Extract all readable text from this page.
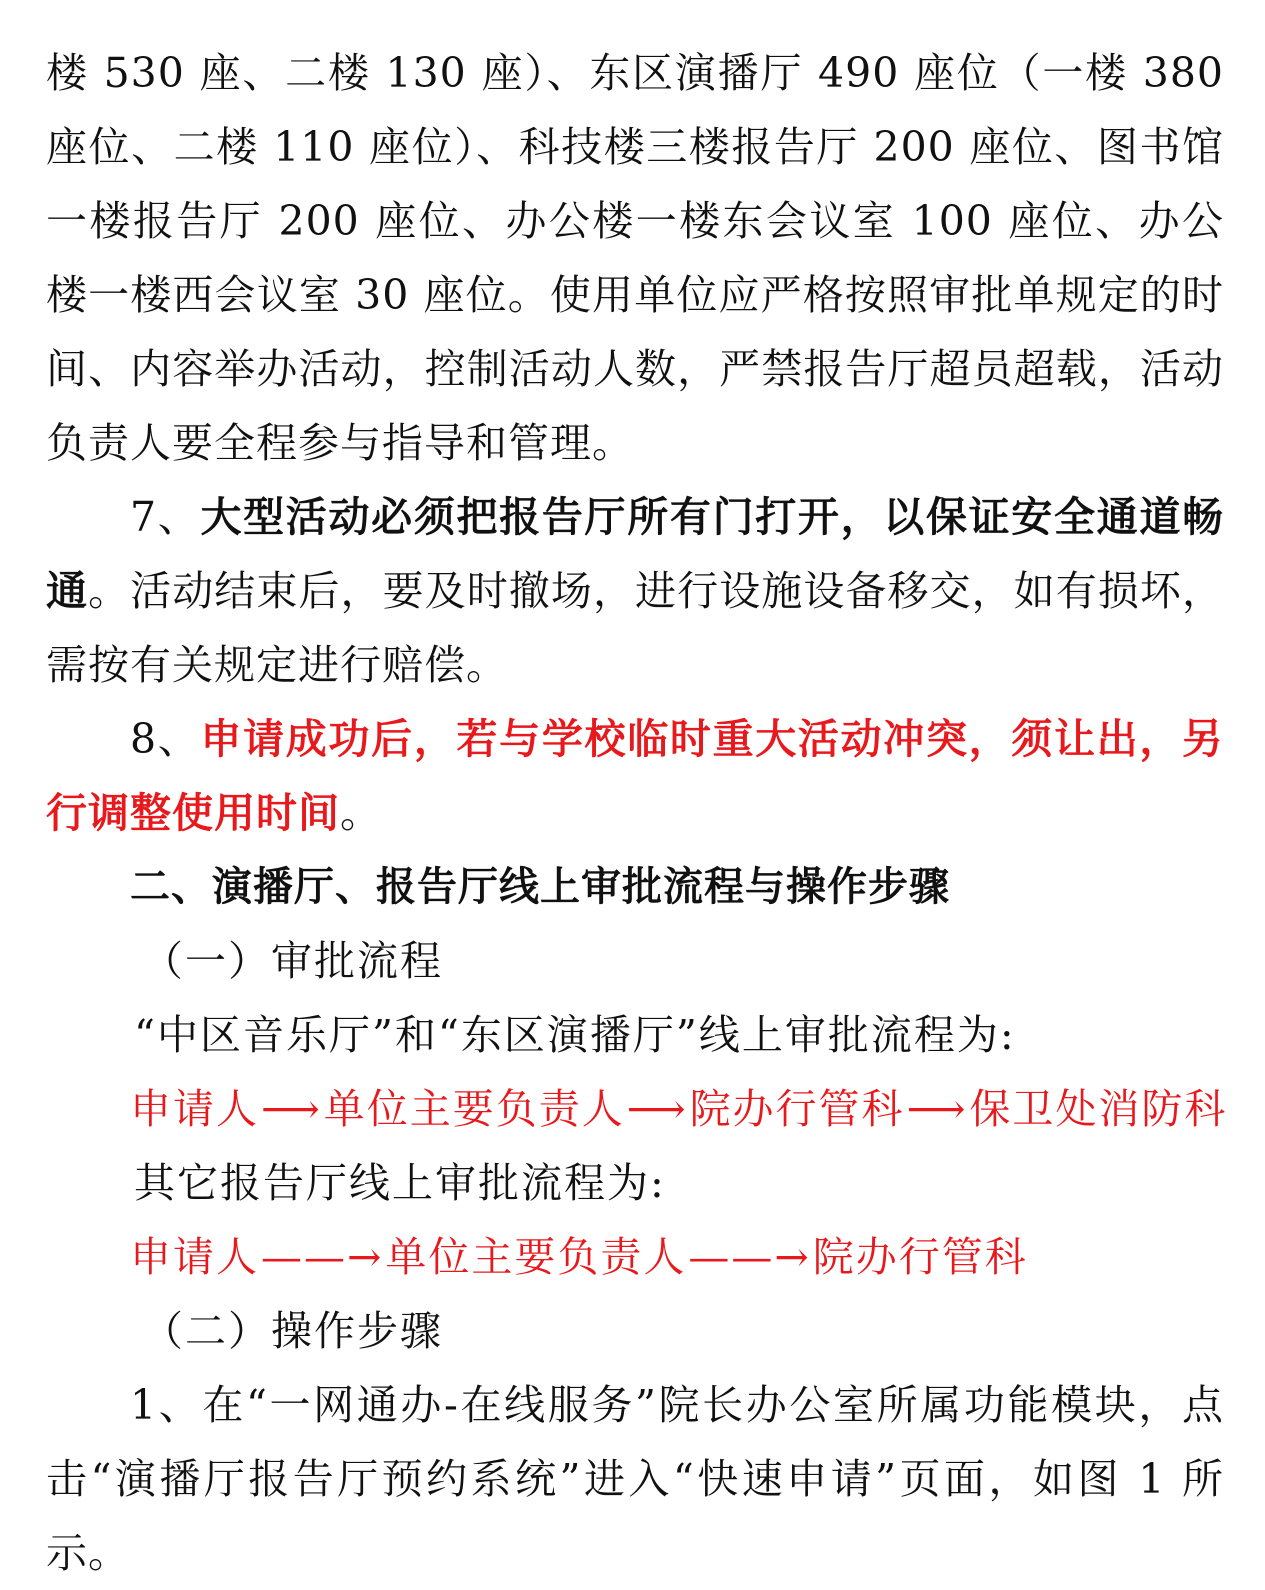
楼 530 座、二楼 130 座）、东区演播厅 490 座位（一楼 380 座位、二楼 110 座位）、科技楼三楼报告厅 200 座位、图书馆一楼报告厅 200 座位、办公楼一楼东会议室 100 座位、办公楼一楼西会议室 30 座位。使用单位应严格按照审批单规定的时间、内容举办活动，控制活动人数，严禁报告厅超员超载，活动负责人要全程参与指导和管理。

7、大型活动必须把报告厅所有门打开，以保证安全通道畅通。活动结束后，要及时撤场，进行设施设备移交，如有损坏，需按有关规定进行赔偿。

8、申请成功后，若与学校临时重大活动冲突，须让出，另行调整使用时间。

二、演播厅、报告厅线上审批流程与操作步骤

（一）审批流程

“中区音乐厅”和“东区演播厅”线上审批流程为:

申请人⟶单位主要负责人⟶院办行管科⟶保卫处消防科

其它报告厅线上审批流程为:

申请人——→单位主要负责人——→院办行管科

（二）操作步骤

1、在“一网通办-在线服务”院长办公室所属功能模块，点击“演播厅报告厅预约系统”进入“快速申请”页面，如图 1 所示。
